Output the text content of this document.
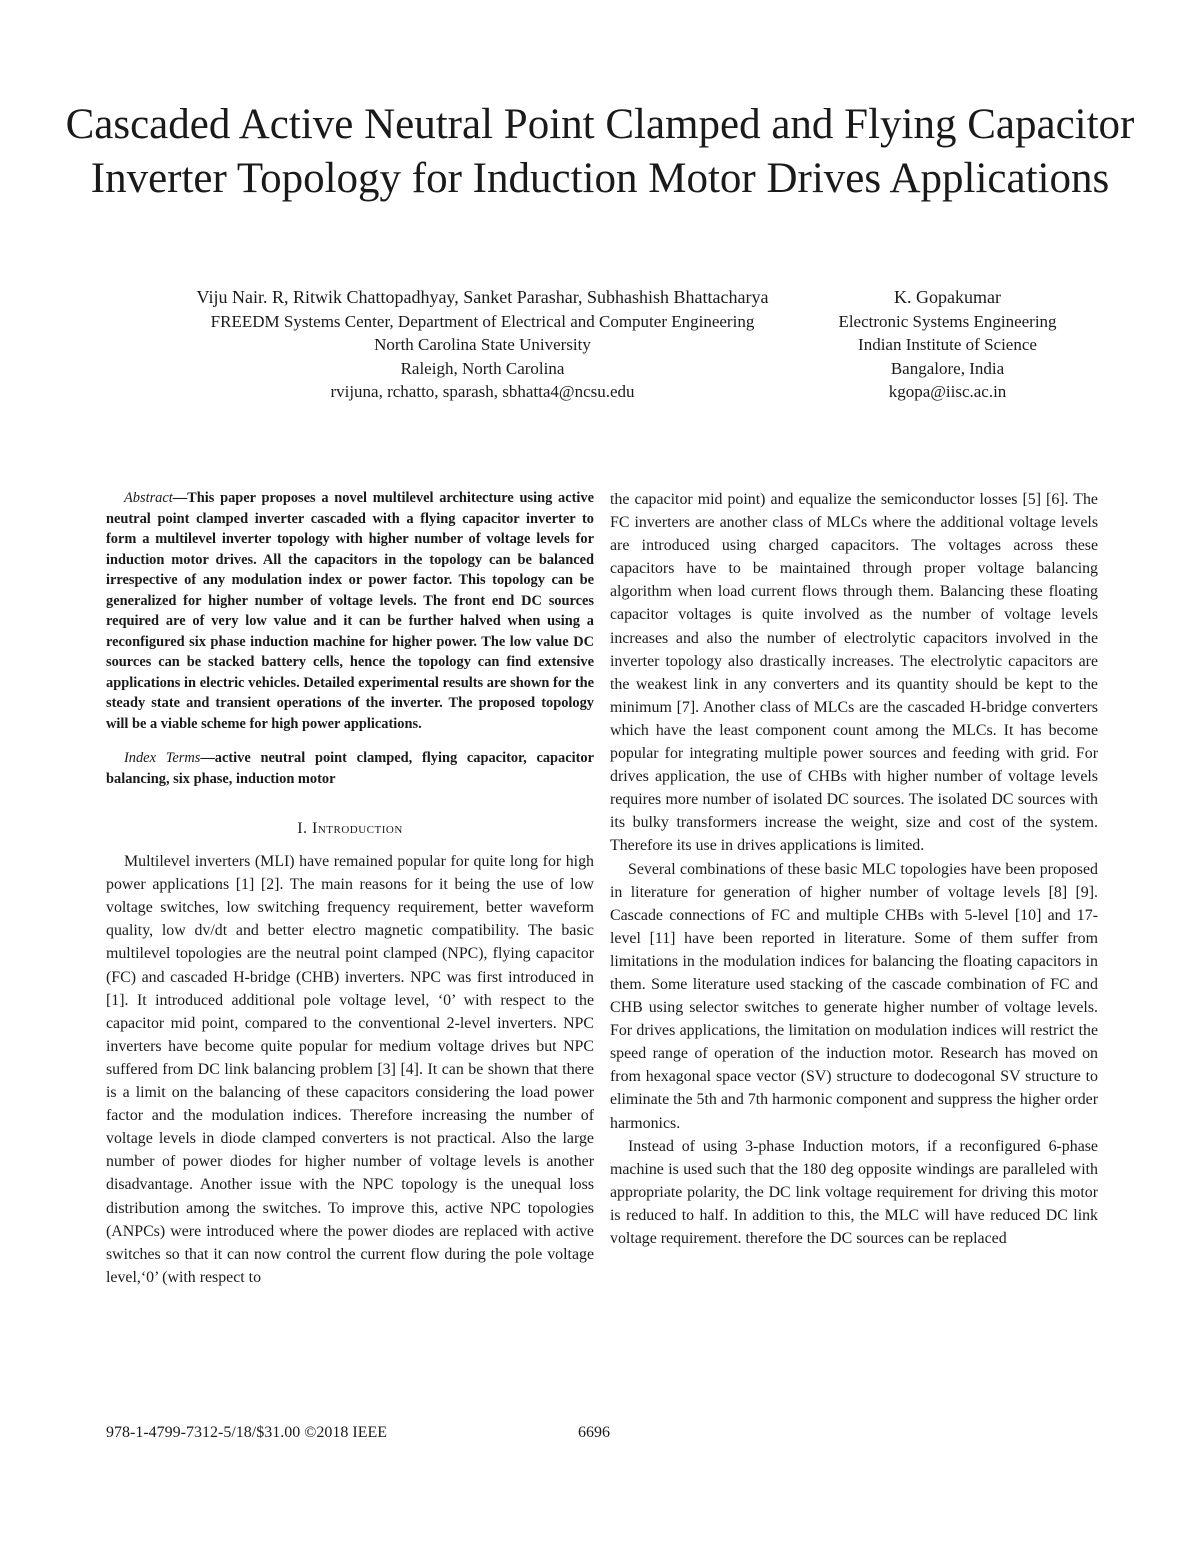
Cascaded Active Neutral Point Clamped and Flying Capacitor Inverter Topology for Induction Motor Drives Applications
Viju Nair. R, Ritwik Chattopadhyay, Sanket Parashar, Subhashish Bhattacharya
FREEDM Systems Center, Department of Electrical and Computer Engineering
North Carolina State University
Raleigh, North Carolina
rvijuna, rchatto, sparash, sbhatta4@ncsu.edu
K. Gopakumar
Electronic Systems Engineering
Indian Institute of Science
Bangalore, India
kgopa@iisc.ac.in

Abstract—This paper proposes a novel multilevel architecture using active neutral point clamped inverter cascaded with a flying capacitor inverter to form a multilevel inverter topology with higher number of voltage levels for induction motor drives. All the capacitors in the topology can be balanced irrespective of any modulation index or power factor. This topology can be generalized for higher number of voltage levels. The front end DC sources required are of very low value and it can be further halved when using a reconfigured six phase induction machine for higher power. The low value DC sources can be stacked battery cells, hence the topology can find extensive applications in electric vehicles. Detailed experimental results are shown for the steady state and transient operations of the inverter. The proposed topology will be a viable scheme for high power applications.

Index Terms—active neutral point clamped, flying capacitor, capacitor balancing, six phase, induction motor

I. Introduction

Multilevel inverters (MLI) have remained popular for quite long for high power applications [1] [2]. The main reasons for it being the use of low voltage switches, low switching frequency requirement, better waveform quality, low dv/dt and better electro magnetic compatibility. The basic multilevel topologies are the neutral point clamped (NPC), flying capacitor (FC) and cascaded H-bridge (CHB) inverters. NPC was first introduced in [1]. It introduced additional pole voltage level, ‘0’ with respect to the capacitor mid point, compared to the conventional 2-level inverters. NPC inverters have become quite popular for medium voltage drives but NPC suffered from DC link balancing problem [3] [4]. It can be shown that there is a limit on the balancing of these capacitors considering the load power factor and the modulation indices. Therefore increasing the number of voltage levels in diode clamped converters is not practical. Also the large number of power diodes for higher number of voltage levels is another disadvantage. Another issue with the NPC topology is the unequal loss distribution among the switches. To improve this, active NPC topologies (ANPCs) were introduced where the power diodes are replaced with active switches so that it can now control the current flow during the pole voltage level,‘0’ (with respect to

the capacitor mid point) and equalize the semiconductor losses [5] [6]. The FC inverters are another class of MLCs where the additional voltage levels are introduced using charged capacitors. The voltages across these capacitors have to be maintained through proper voltage balancing algorithm when load current flows through them. Balancing these floating capacitor voltages is quite involved as the number of voltage levels increases and also the number of electrolytic capacitors involved in the inverter topology also drastically increases. The electrolytic capacitors are the weakest link in any converters and its quantity should be kept to the minimum [7]. Another class of MLCs are the cascaded H-bridge converters which have the least component count among the MLCs. It has become popular for integrating multiple power sources and feeding with grid. For drives application, the use of CHBs with higher number of voltage levels requires more number of isolated DC sources. The isolated DC sources with its bulky transformers increase the weight, size and cost of the system. Therefore its use in drives applications is limited.

Several combinations of these basic MLC topologies have been proposed in literature for generation of higher number of voltage levels [8] [9]. Cascade connections of FC and multiple CHBs with 5-level [10] and 17-level [11] have been reported in literature. Some of them suffer from limitations in the modulation indices for balancing the floating capacitors in them. Some literature used stacking of the cascade combination of FC and CHB using selector switches to generate higher number of voltage levels. For drives applications, the limitation on modulation indices will restrict the speed range of operation of the induction motor. Research has moved on from hexagonal space vector (SV) structure to dodecogonal SV structure to eliminate the 5th and 7th harmonic component and suppress the higher order harmonics.

Instead of using 3-phase Induction motors, if a reconfigured 6-phase machine is used such that the 180 deg opposite windings are paralleled with appropriate polarity, the DC link voltage requirement for driving this motor is reduced to half. In addition to this, the MLC will have reduced DC link voltage requirement. therefore the DC sources can be replaced

978-1-4799-7312-5/18/$31.00 ©2018 IEEE	6696
